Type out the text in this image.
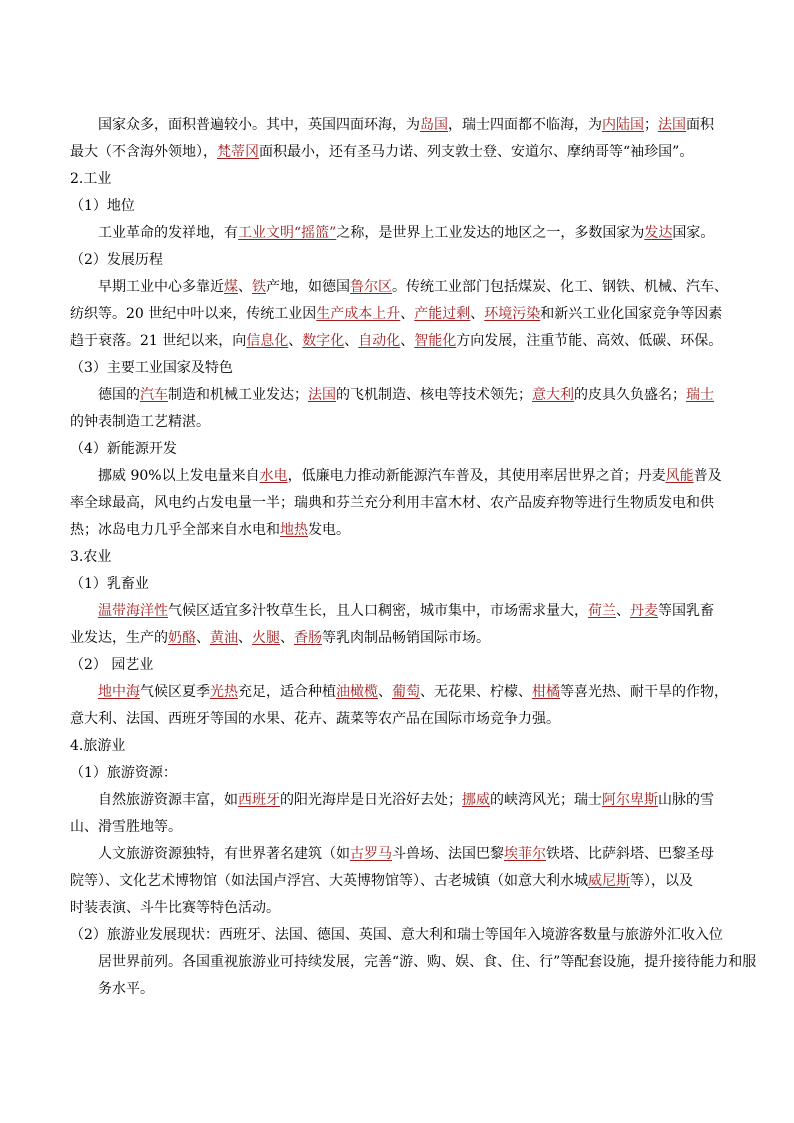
国家众多，面积普遍较小。其中，英国四面环海，为岛国，瑞士四面都不临海，为内陆国；法国面积
最大（不含海外领地），梵蒂冈面积最小，还有圣马力诺、列支敦士登、安道尔、摩纳哥等“袖珍国”。
2.工业
（1）地位
工业革命的发祥地，有工业文明“摇篮”之称，是世界上工业发达的地区之一，多数国家为发达国家。
（2）发展历程
早期工业中心多靠近煤、铁产地，如德国鲁尔区。传统工业部门包括煤炭、化工、钢铁、机械、汽车、
纺织等。20 世纪中叶以来，传统工业因生产成本上升、产能过剩、环境污染和新兴工业化国家竞争等因素
趋于衰落。21 世纪以来，向信息化、数字化、自动化、智能化方向发展，注重节能、高效、低碳、环保。
（3）主要工业国家及特色
德国的汽车制造和机械工业发达；法国的飞机制造、核电等技术领先；意大利的皮具久负盛名；瑞士
的钟表制造工艺精湛。
（4）新能源开发
挪威 90%以上发电量来自水电，低廉电力推动新能源汽车普及，其使用率居世界之首；丹麦风能普及
率全球最高，风电约占发电量一半；瑞典和芬兰充分利用丰富木材、农产品废弃物等进行生物质发电和供
热；冰岛电力几乎全部来自水电和地热发电。
3.农业
（1）乳畜业
温带海洋性气候区适宜多汁牧草生长，且人口稠密，城市集中，市场需求量大，荷兰、丹麦等国乳畜
业发达，生产的奶酪、黄油、火腿、香肠等乳肉制品畅销国际市场。
（2） 园艺业
地中海气候区夏季光热充足，适合种植油橄榄、葡萄、无花果、柠檬、柑橘等喜光热、耐干旱的作物，
意大利、法国、西班牙等国的水果、花卉、蔬菜等农产品在国际市场竞争力强。
4.旅游业
（1）旅游资源：
自然旅游资源丰富，如西班牙的阳光海岸是日光浴好去处；挪威的峡湾风光；瑞士阿尔卑斯山脉的雪
山、滑雪胜地等。
人文旅游资源独特，有世界著名建筑（如古罗马斗兽场、法国巴黎埃菲尔铁塔、比萨斜塔、巴黎圣母
院等）、文化艺术博物馆（如法国卢浮宫、大英博物馆等）、古老城镇（如意大利水城威尼斯等），以及
时装表演、斗牛比赛等特色活动。
（2）旅游业发展现状：西班牙、法国、德国、英国、意大利和瑞士等国年入境游客数量与旅游外汇收入位
居世界前列。各国重视旅游业可持续发展，完善“游、购、娱、食、住、行”等配套设施，提升接待能力和服
务水平。
